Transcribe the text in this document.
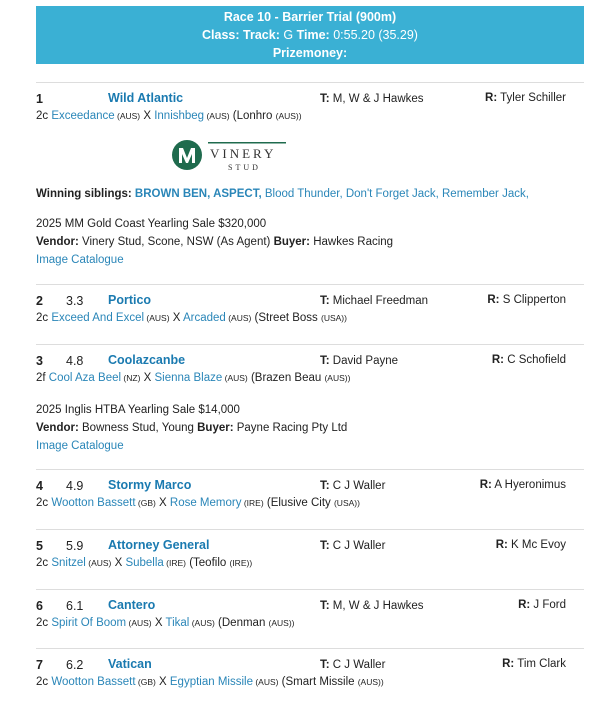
Race 10 - Barrier Trial (900m)
Class: Track: G Time: 0:55.20 (35.29)
Prizemoney:
1	Wild Atlantic	T: M, W & J Hawkes	R: Tyler Schiller
2c Exceedance (AUS) X Innishbeg (AUS) (Lonhro (AUS))
Winning siblings: BROWN BEN, ASPECT, Blood Thunder, Don't Forget Jack, Remember Jack,
2025 MM Gold Coast Yearling Sale $320,000
Vendor: Vinery Stud, Scone, NSW (As Agent) Buyer: Hawkes Racing
Image Catalogue
2 3.3 Portico	T: Michael Freedman	R: S Clipperton
2c Exceed And Excel (AUS) X Arcaded (AUS) (Street Boss (USA))
3 4.8 Coolazcanbe	T: David Payne	R: C Schofield
2f Cool Aza Beel (NZ) X Sienna Blaze (AUS) (Brazen Beau (AUS))
2025 Inglis HTBA Yearling Sale $14,000
Vendor: Bowness Stud, Young Buyer: Payne Racing Pty Ltd
Image Catalogue
4 4.9 Stormy Marco	T: C J Waller	R: A Hyeronimus
2c Wootton Bassett (GB) X Rose Memory (IRE) (Elusive City (USA))
5 5.9 Attorney General	T: C J Waller	R: K Mc Evoy
2c Snitzel (AUS) X Subella (IRE) (Teofilo (IRE))
6 6.1 Cantero	T: M, W & J Hawkes	R: J Ford
2c Spirit Of Boom (AUS) X Tikal (AUS) (Denman (AUS))
7 6.2 Vatican	T: C J Waller	R: Tim Clark
2c Wootton Bassett (GB) X Egyptian Missile (AUS) (Smart Missile (AUS))
VINERY
STUD
